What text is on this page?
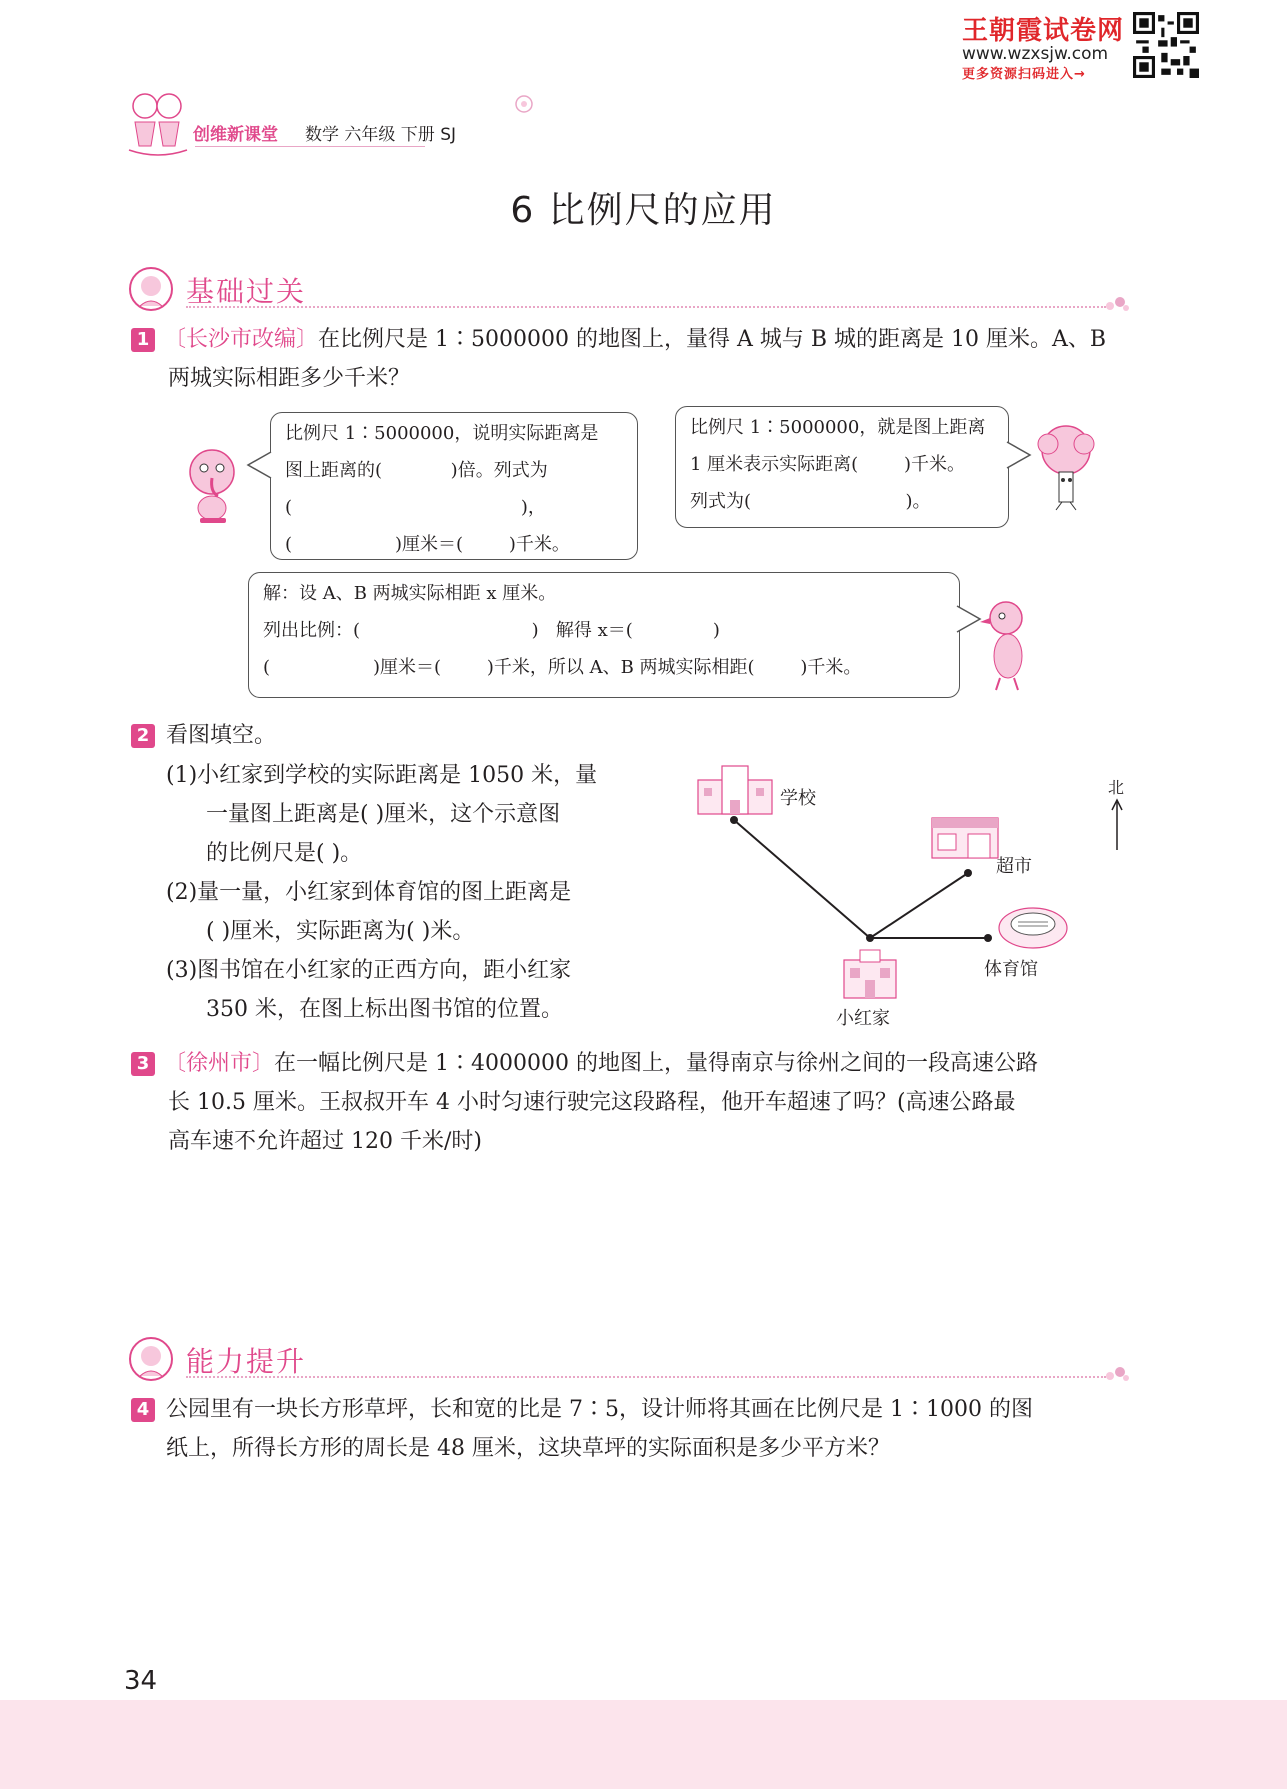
王朝霞试卷网
www.wzxsjw.com
更多资源扫码进入→
创维新课堂 数学 六年级 下册 SJ
6 比例尺的应用
基础过关
1 〔长沙市改编〕在比例尺是 1∶5000000 的地图上，量得 A 城与 B 城的距离是 10 厘米。A、B
两城实际相距多少千米？
比例尺 1∶5000000，说明实际距离是
图上距离的(            )倍。列式为
(                                        )，
(                  )厘米＝(        )千米。
比例尺 1∶5000000，就是图上距离
1 厘米表示实际距离(        )千米。
列式为(                           )。
解：设 A、B 两城实际相距 x 厘米。
列出比例：(                              )   解得 x＝(              )
(                  )厘米＝(        )千米，所以 A、B 两城实际相距(        )千米。
2 看图填空。
(1)小红家到学校的实际距离是 1050 米，量
一量图上距离是( )厘米，这个示意图
的比例尺是( )。
(2)量一量，小红家到体育馆的图上距离是
( )厘米，实际距离为( )米。
(3)图书馆在小红家的正西方向，距小红家
350 米，在图上标出图书馆的位置。
学校
超市
体育馆
小红家
北
3 〔徐州市〕在一幅比例尺是 1∶4000000 的地图上，量得南京与徐州之间的一段高速公路
长 10.5 厘米。王叔叔开车 4 小时匀速行驶完这段路程，他开车超速了吗？(高速公路最
高车速不允许超过 120 千米/时)
能力提升
4 公园里有一块长方形草坪，长和宽的比是 7∶5，设计师将其画在比例尺是 1∶1000 的图
纸上，所得长方形的周长是 48 厘米，这块草坪的实际面积是多少平方米？
34
